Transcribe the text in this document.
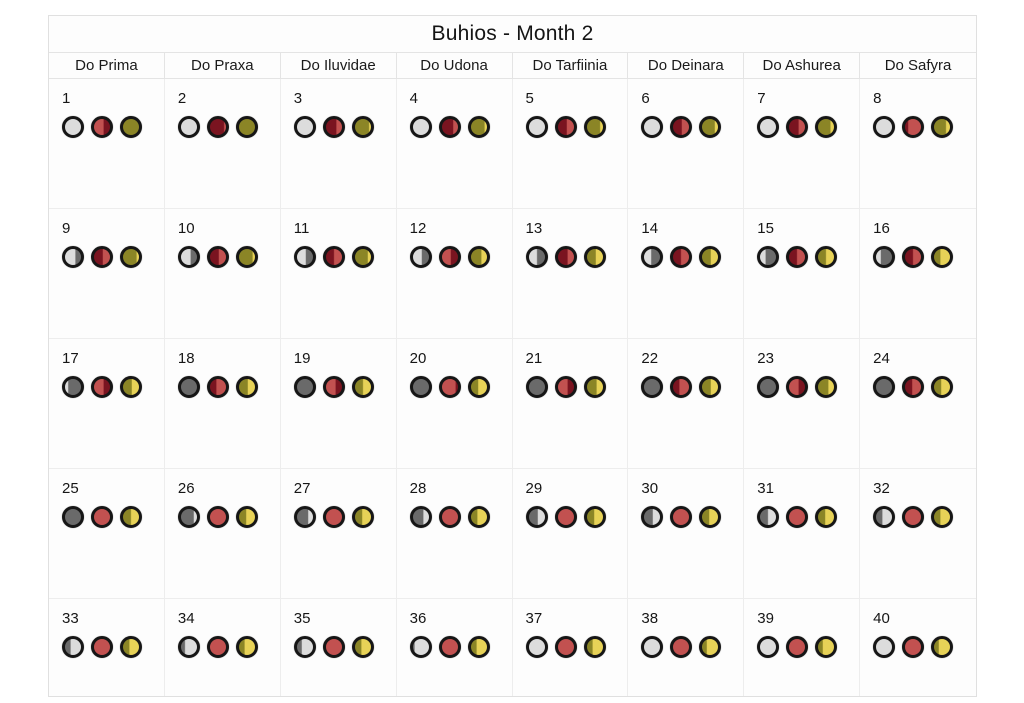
Buhios - Month 2
Do Prima	Do Praxa	Do Iluvidae	Do Udona	Do Tarfiinia	Do Deinara	Do Ashurea	Do Safyra
1	2	3	4	5	6	7	8
9	10	11	12	13	14	15	16
17	18	19	20	21	22	23	24
25	26	27	28	29	30	31	32
33	34	35	36	37	38	39	40
